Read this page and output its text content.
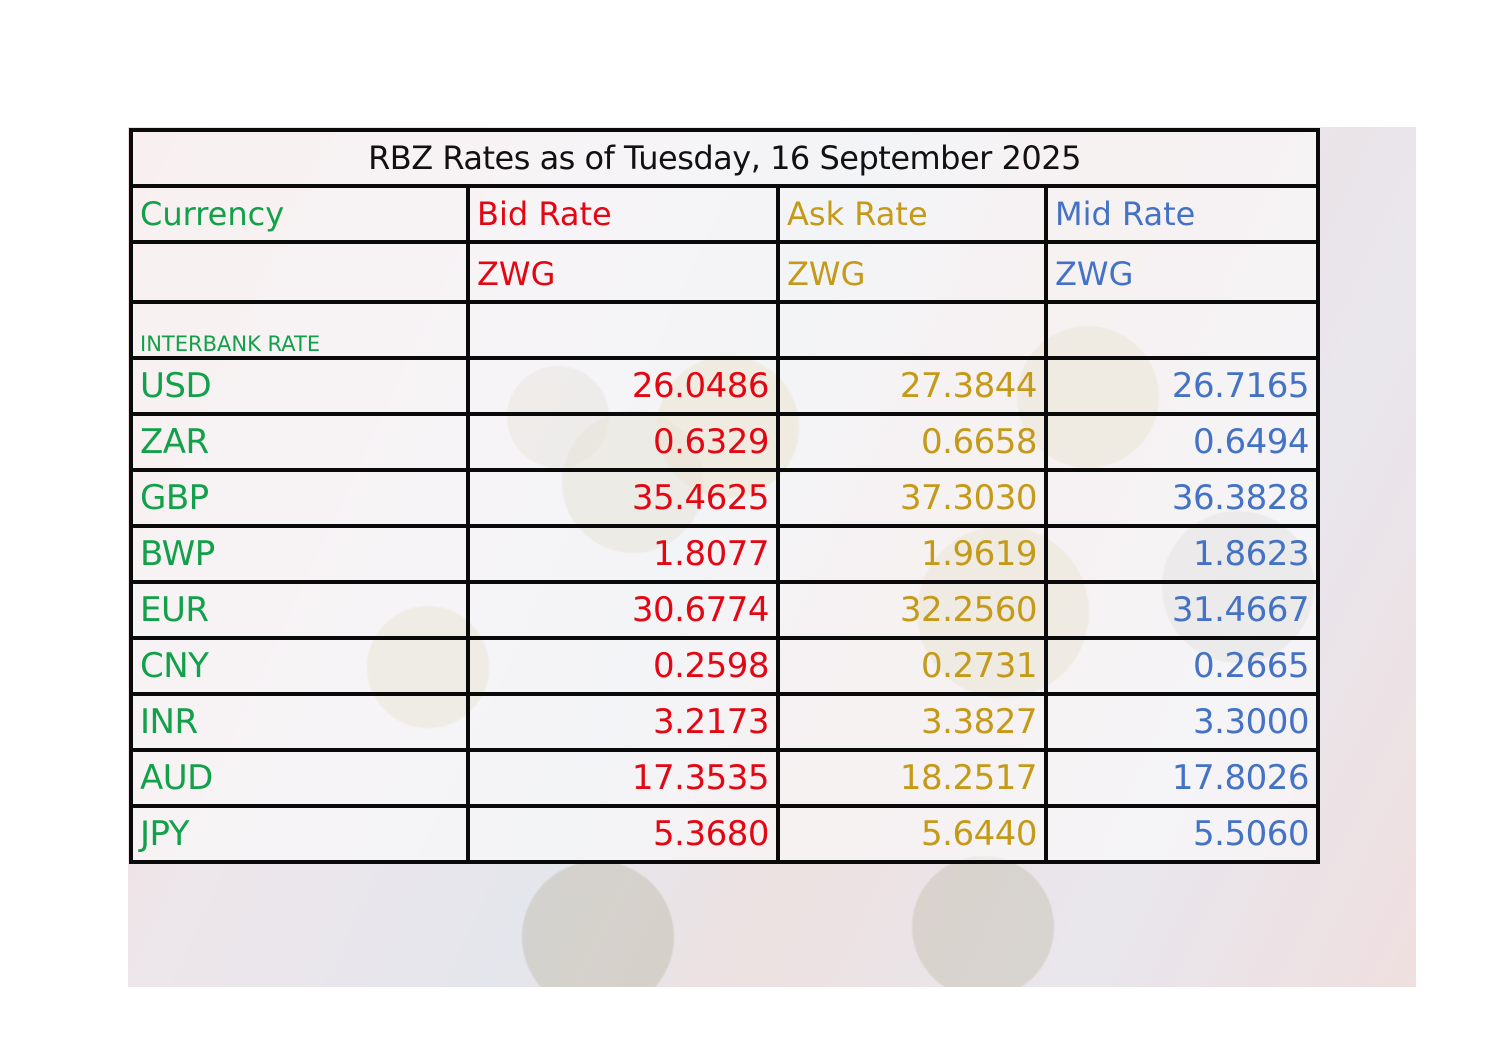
RBZ Rates as of Tuesday, 16 September 2025			
Currency	Bid Rate	Ask Rate	Mid Rate
	ZWG	ZWG	ZWG
INTERBANK RATE			
USD	26.0486	27.3844	26.7165
ZAR	0.6329	0.6658	0.6494
GBP	35.4625	37.3030	36.3828
BWP	1.8077	1.9619	1.8623
EUR	30.6774	32.2560	31.4667
CNY	0.2598	0.2731	0.2665
INR	3.2173	3.3827	3.3000
AUD	17.3535	18.2517	17.8026
JPY	5.3680	5.6440	5.5060
